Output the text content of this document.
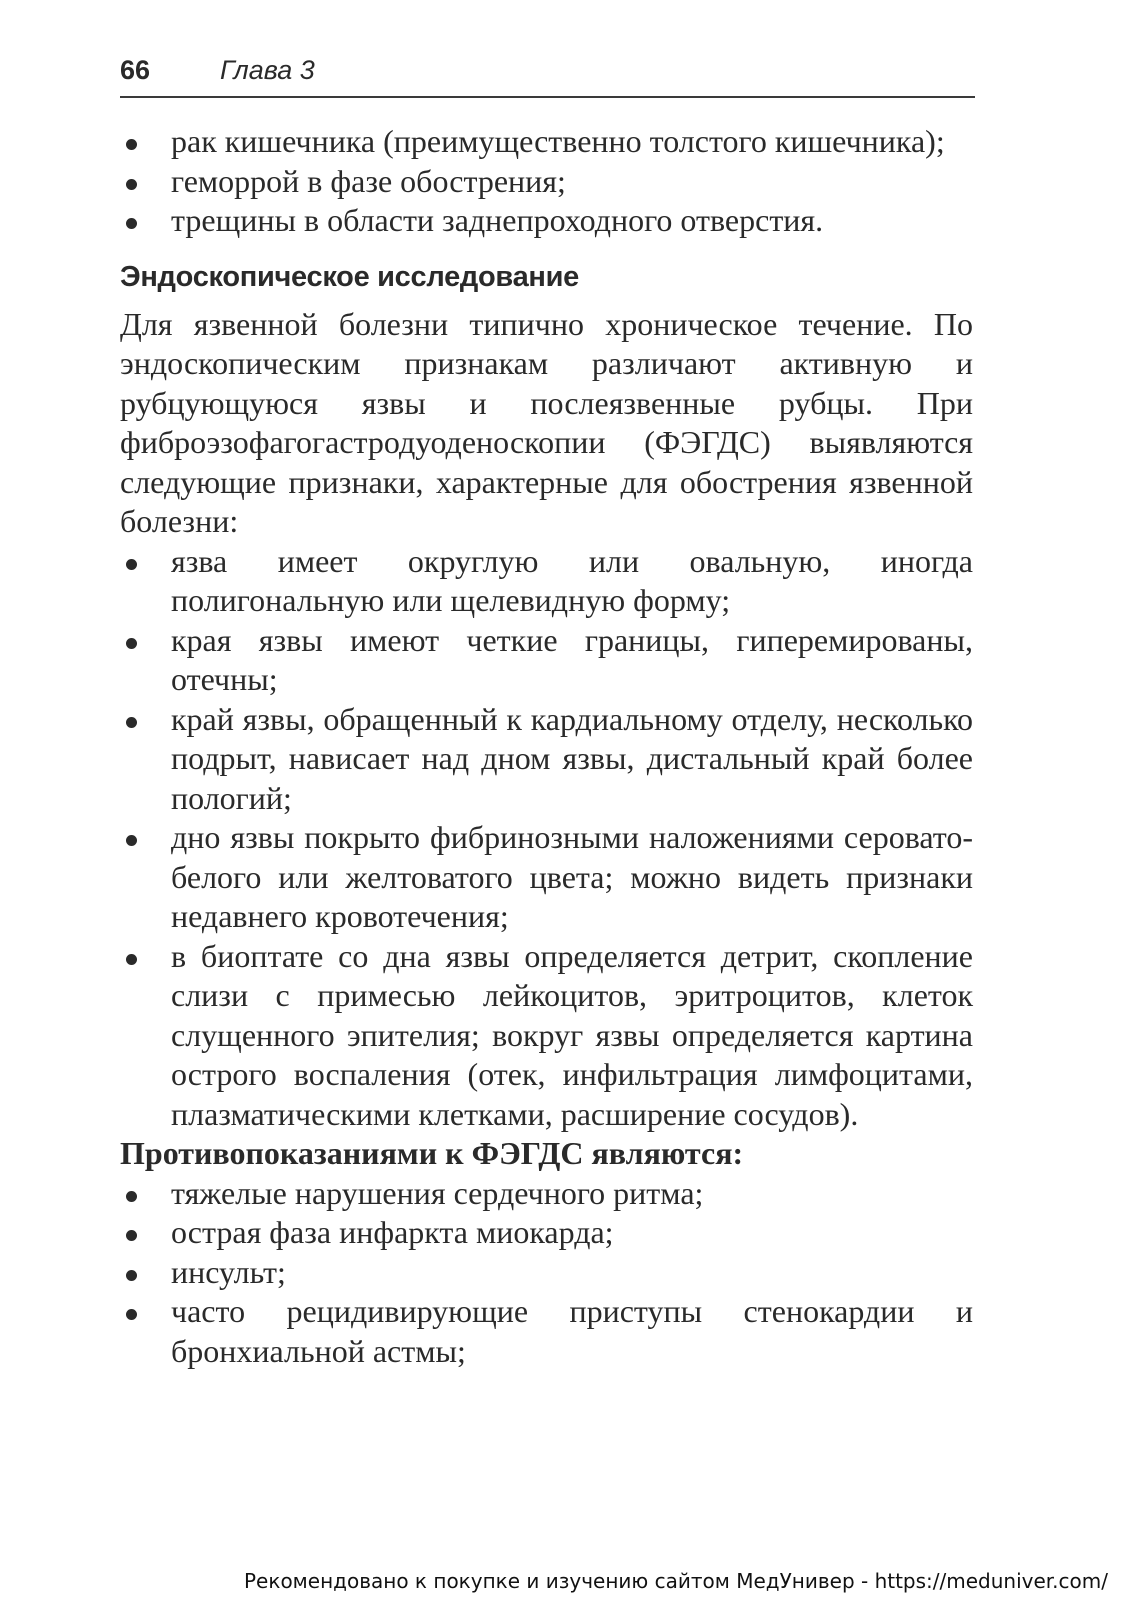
66	Глава 3
рак кишечника (преимущественно толстого кишечника);
геморрой в фазе обострения;
трещины в области заднепроходного отверстия.
Эндоскопическое исследование

Для язвенной болезни типично хроническое течение. По эндоскопическим признакам различают активную и рубцующуюся язвы и послеязвенные рубцы. При фиброэзофагогастродуоденоскопии (ФЭГДС) выявляются следующие признаки, характерные для обострения язвенной болезни:

язва имеет округлую или овальную, иногда полигональную или щелевидную форму;
края язвы имеют четкие границы, гиперемированы, отечны;
край язвы, обращенный к кардиальному отделу, несколько подрыт, нависает над дном язвы, дистальный край более пологий;
дно язвы покрыто фибринозными наложениями серовато-белого или желтоватого цвета; можно видеть признаки недавнего кровотечения;
в биоптате со дна язвы определяется детрит, скопление слизи с примесью лейкоцитов, эритроцитов, клеток слущенного эпителия; вокруг язвы определяется картина острого воспаления (отек, инфильтрация лимфоцитами, плазматическими клетками, расширение сосудов).

Противопоказаниями к ФЭГДС являются:

тяжелые нарушения сердечного ритма;
острая фаза инфаркта миокарда;
инсульт;
часто рецидивирующие приступы стенокардии и бронхиальной астмы;
Рекомендовано к покупке и изучению сайтом МедУнивер - https://meduniver.com/
